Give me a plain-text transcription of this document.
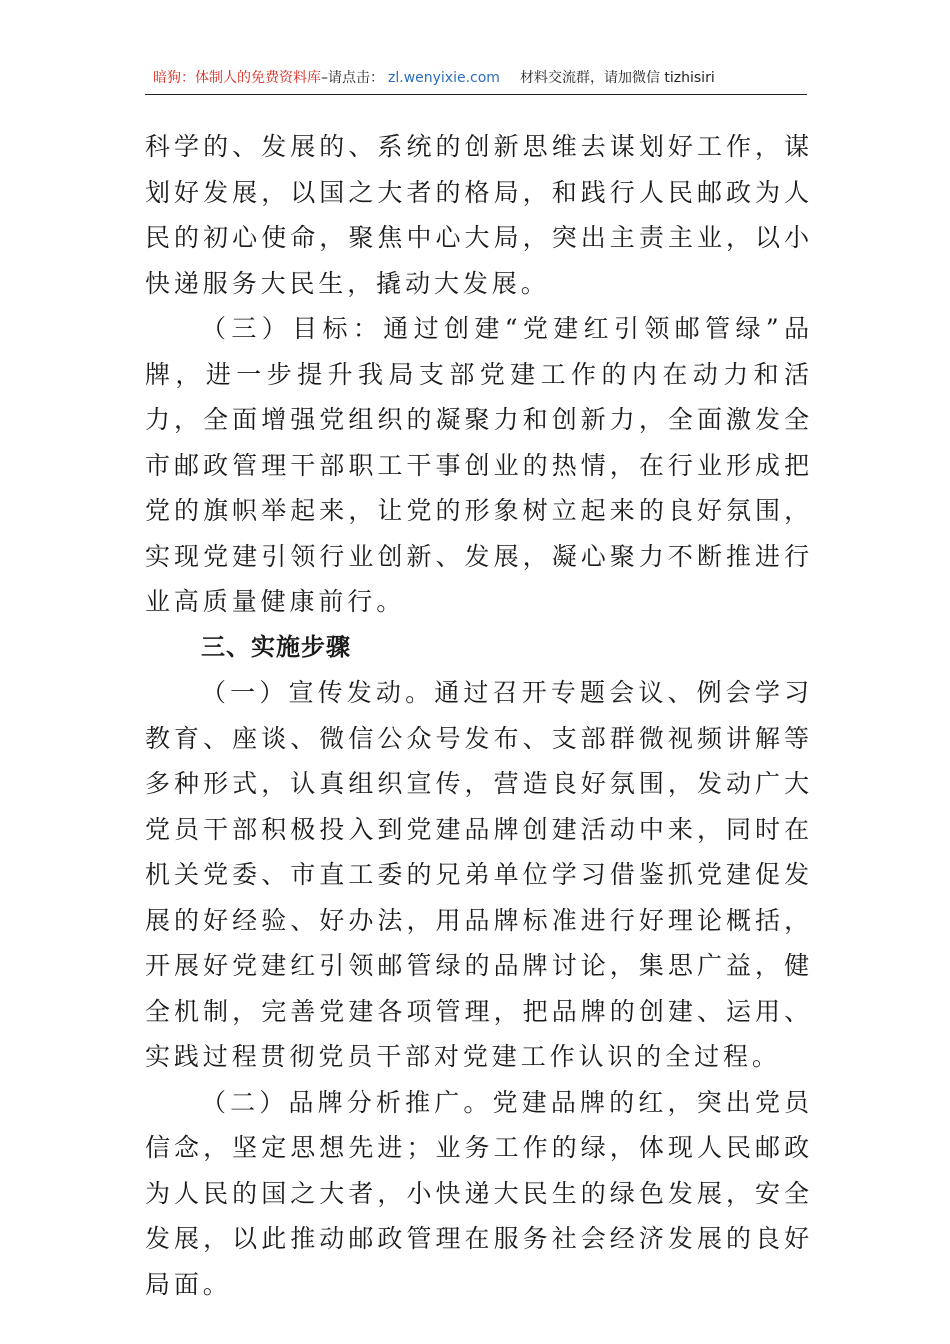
暗狗：体制人的免费资料库 –请点击： zl.wenyixie.com 材料交流群，请加微信 tizhisiri

科学的、发展的、系统的创新思维去谋划好工作，谋划好发展，以国之大者的格局，和践行人民邮政为人民的初心使命，聚焦中心大局，突出主责主业，以小快递服务大民生，撬动大发展。

（三）目标：通过创建“党建红引领邮管绿”品牌，进一步提升我局支部党建工作的内在动力和活力，全面增强党组织的凝聚力和创新力，全面激发全市邮政管理干部职工干事创业的热情，在行业形成把党的旗帜举起来，让党的形象树立起来的良好氛围，实现党建引领行业创新、发展，凝心聚力不断推进行业高质量健康前行。

三、实施步骤

（一）宣传发动。通过召开专题会议、例会学习教育、座谈、微信公众号发布、支部群微视频讲解等多种形式，认真组织宣传，营造良好氛围，发动广大党员干部积极投入到党建品牌创建活动中来，同时在机关党委、市直工委的兄弟单位学习借鉴抓党建促发展的好经验、好办法，用品牌标准进行好理论概括，开展好党建红引领邮管绿的品牌讨论，集思广益，健全机制，完善党建各项管理，把品牌的创建、运用、实践过程贯彻党员干部对党建工作认识的全过程。

（二）品牌分析推广。党建品牌的红，突出党员信念，坚定思想先进；业务工作的绿，体现人民邮政为人民的国之大者，小快递大民生的绿色发展，安全发展，以此推动邮政管理在服务社会经济发展的良好局面。
